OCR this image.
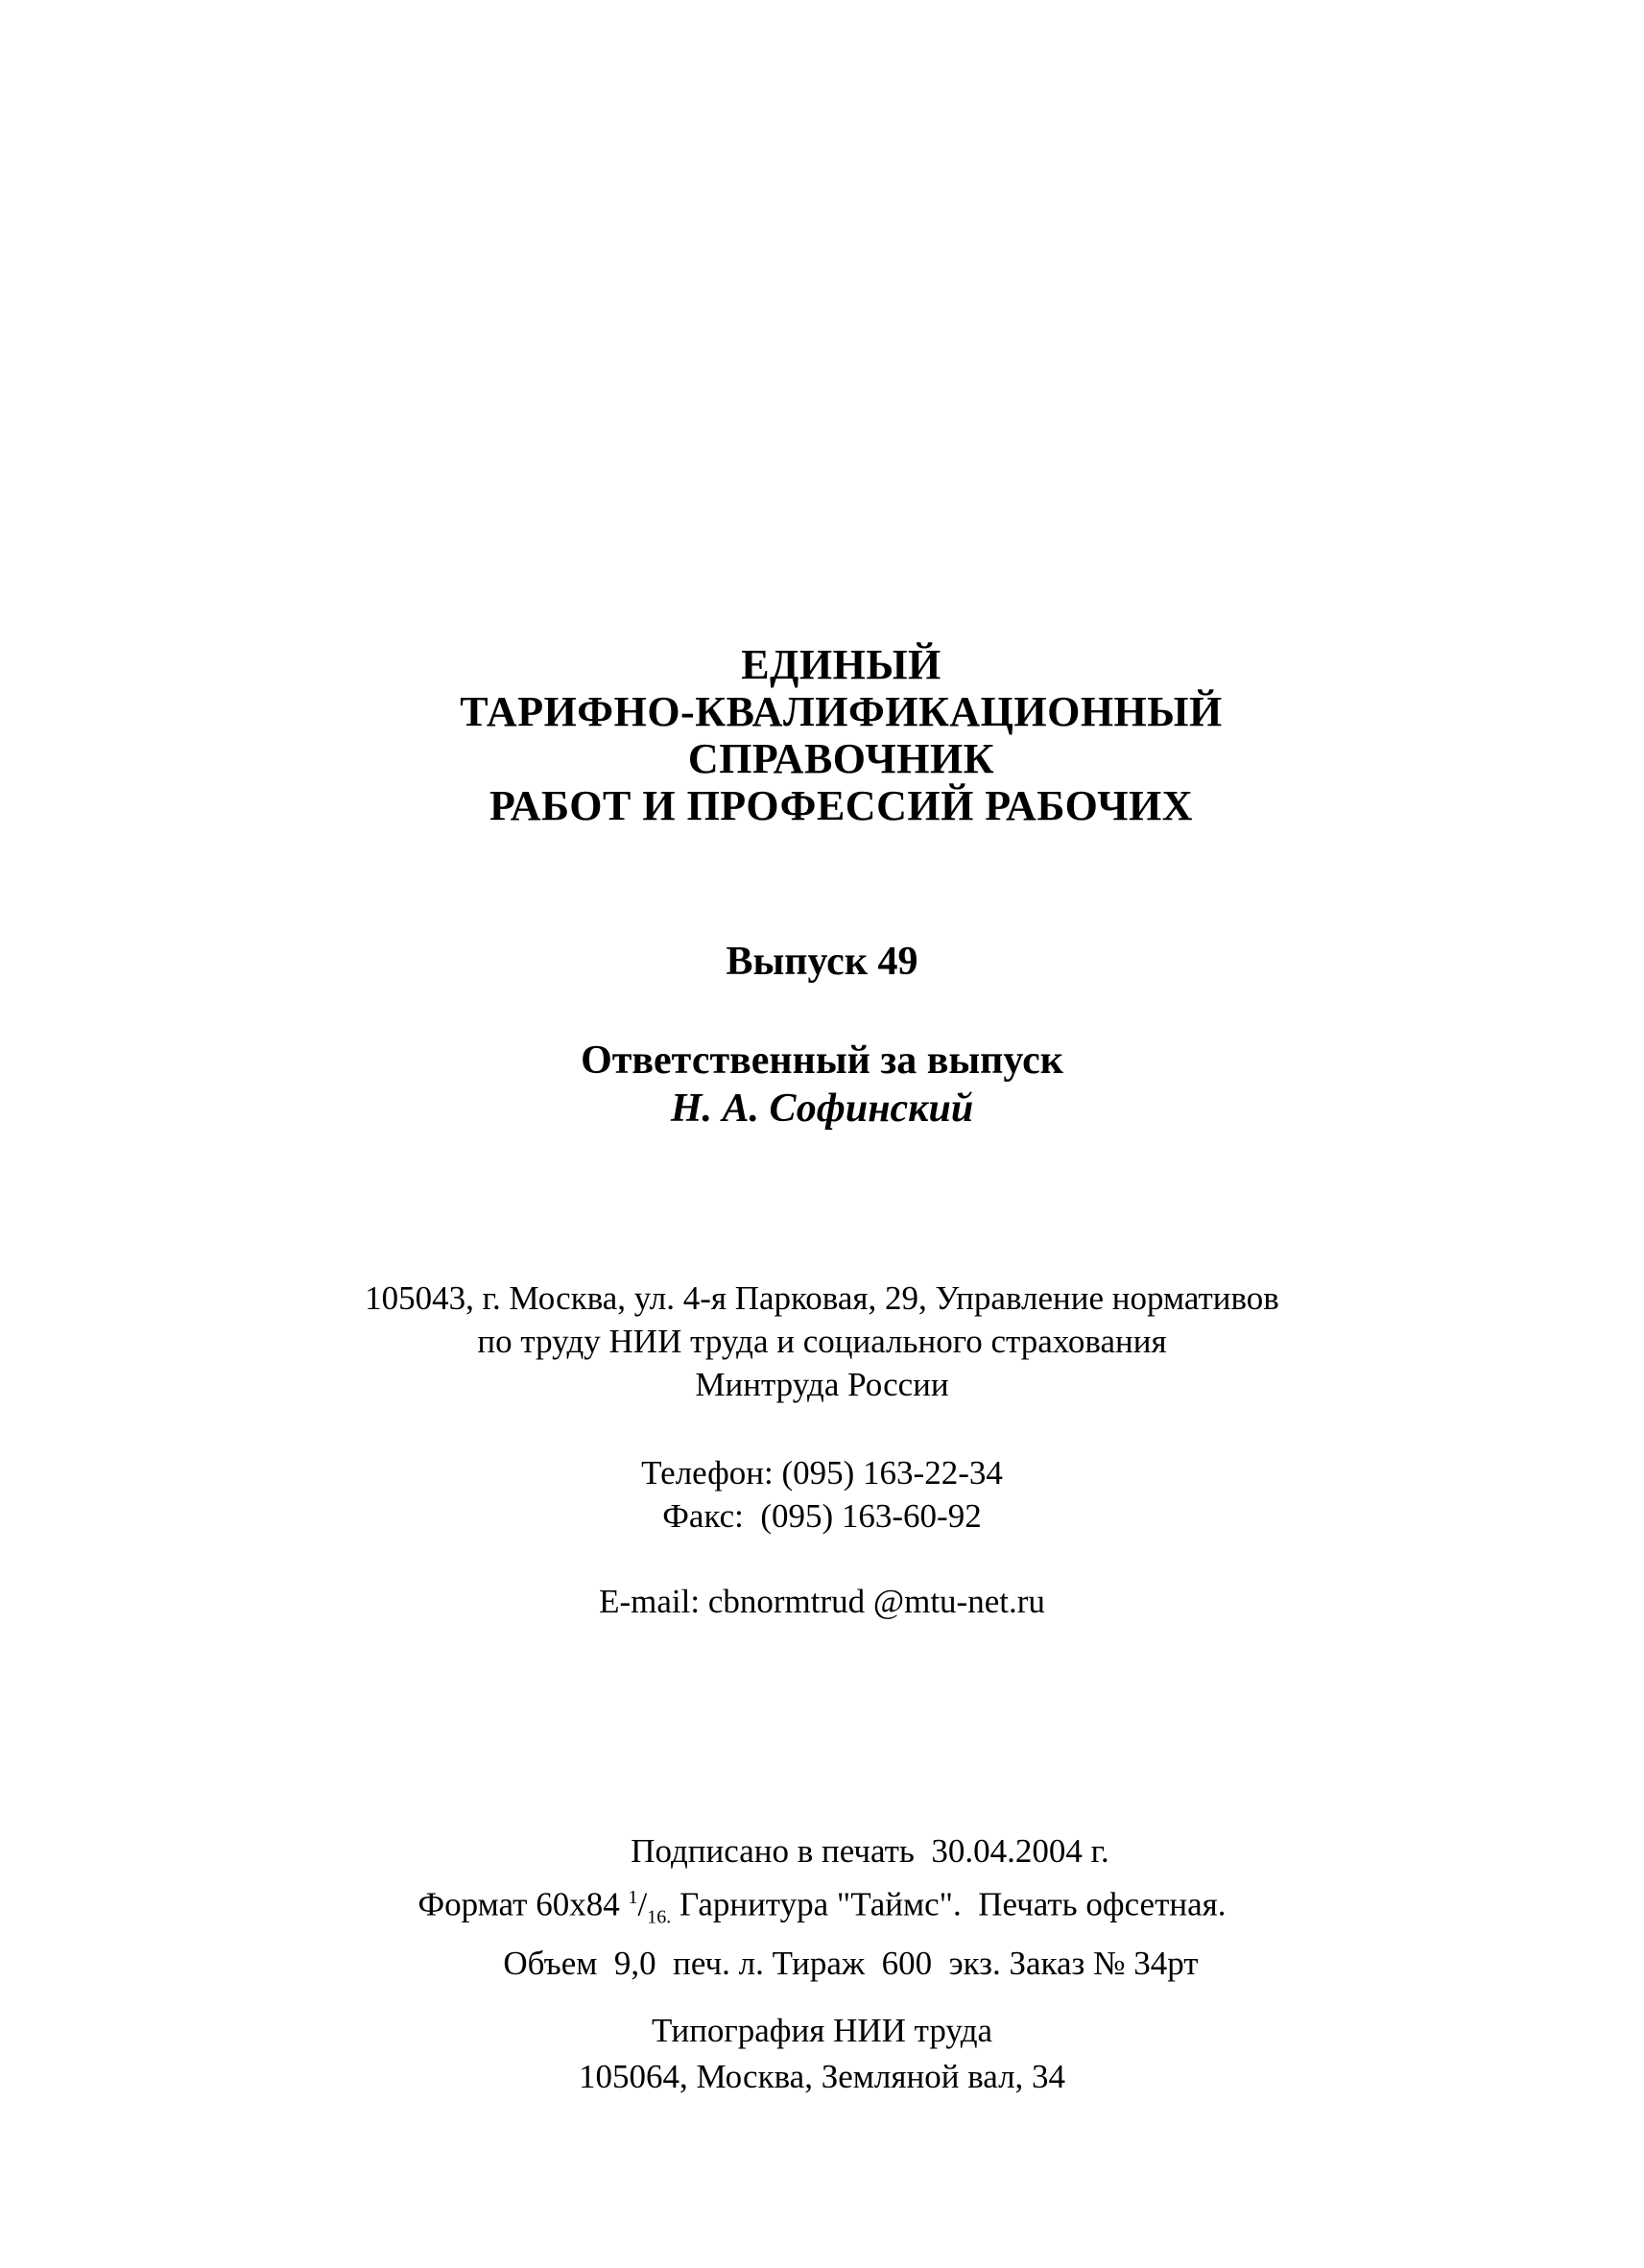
ЕДИНЫЙ
ТАРИФНО-КВАЛИФИКАЦИОННЫЙ
СПРАВОЧНИК
РАБОТ И ПРОФЕССИЙ РАБОЧИХ
Выпуск 49
Ответственный за выпуск
Н. А. Софинский
105043, г. Москва, ул. 4-я Парковая, 29, Управление нормативов
по труду НИИ труда и социального страхования
Минтруда России
Телефон: (095) 163-22-34
Факс:  (095) 163-60-92
E-mail: cbnormtrud @mtu-net.ru
Подписано в печать  30.04.2004 г.
Формат 60х84 $^1/_{16.}$ Гарнитура "Таймс".  Печать офсетная.
Объем  9,0  печ. л. Тираж  600  экз. Заказ № 34рт
Типография НИИ труда
105064, Москва, Земляной вал, 34
